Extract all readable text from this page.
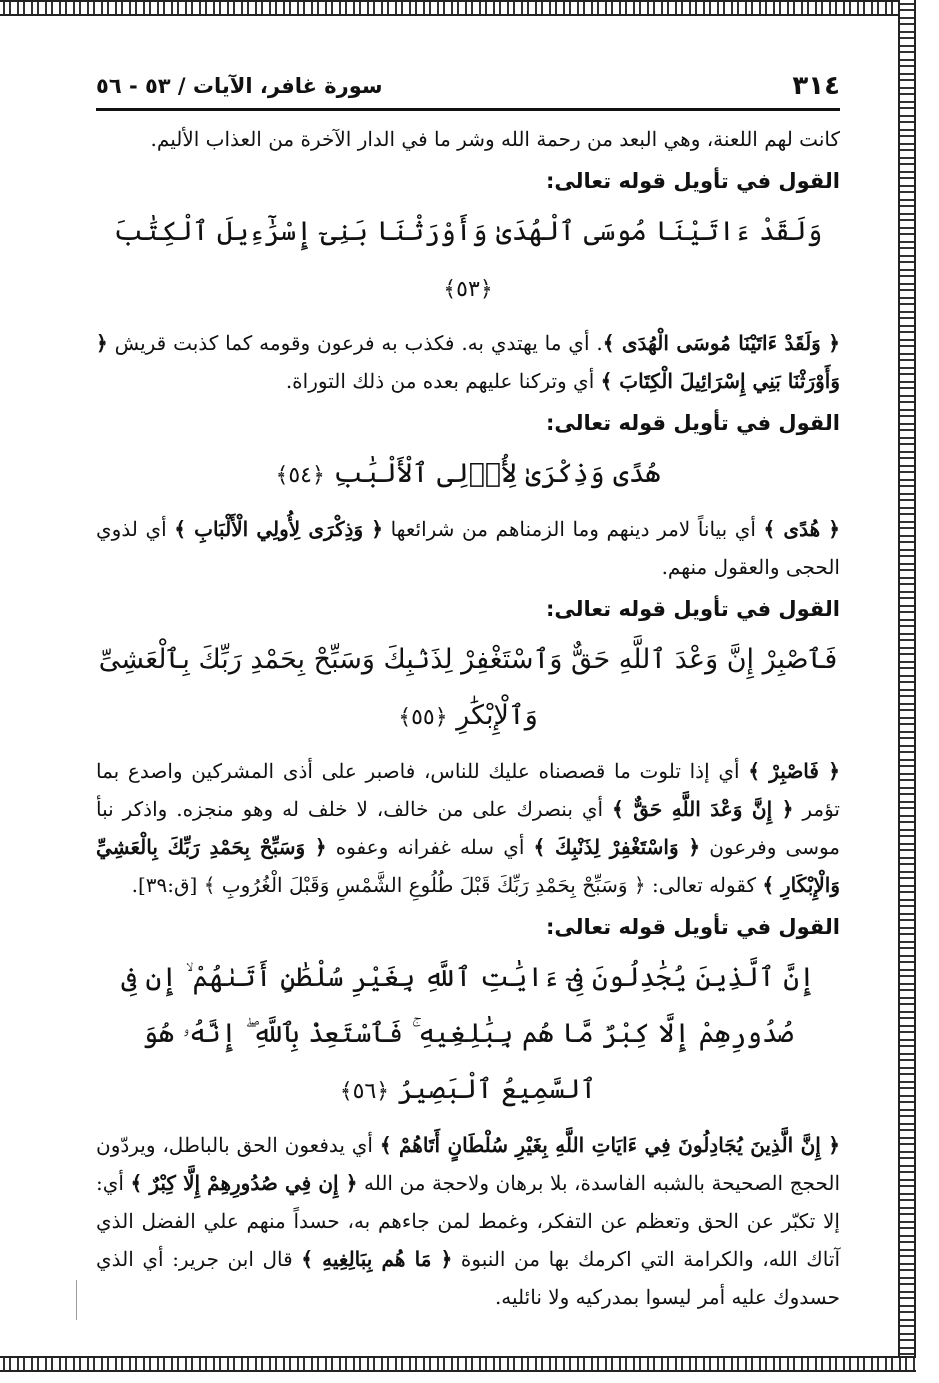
سورة غافر، الآيات / ٥٣ - ٥٦	٣١٤

كانت لهم اللعنة، وهي البعد من رحمة الله وشر ما في الدار الآخرة من العذاب الأليم.

القول في تأويل قوله تعالى:
وَلَقَدْ ءَاتَيْنَا مُوسَى ٱلْهُدَىٰ وَأَوْرَثْنَا بَنِىٓ إِسْرَٰٓءِيلَ ٱلْكِتَٰبَ ﴿٥٣﴾

﴿ وَلَقَدْ ءَاتَيْنَا مُوسَى الْهُدَى ﴾. أي ما يهتدي به. فكذب به فرعون وقومه كما كذبت قريش ﴿ وَأَوْرَثْنَا بَنِي إِسْرَائِيلَ الْكِتَابَ ﴾ أي وتركنا عليهم بعده من ذلك التوراة.

القول في تأويل قوله تعالى:
هُدًى وَذِكْرَىٰ لِأُو۟لِى ٱلْأَلْبَٰبِ ﴿٥٤﴾

﴿ هُدًى ﴾ أي بياناً لامر دينهم وما الزمناهم من شرائعها ﴿ وَذِكْرَى لِأُولِي الْأَلْبَابِ ﴾ أي لذوي الحجى والعقول منهم.

القول في تأويل قوله تعالى:
فَٱصْبِرْ إِنَّ وَعْدَ ٱللَّهِ حَقٌّ وَٱسْتَغْفِرْ لِذَنۢبِكَ وَسَبِّحْ بِحَمْدِ رَبِّكَ بِٱلْعَشِىِّ وَٱلْإِبْكَٰرِ ﴿٥٥﴾

﴿ فَاصْبِرْ ﴾ أي إذا تلوت ما قصصناه عليك للناس، فاصبر على أذى المشركين واصدع بما تؤمر ﴿ إِنَّ وَعْدَ اللَّهِ حَقٌّ ﴾ أي بنصرك على من خالف، لا خلف له وهو منجزه. واذكر نبأ موسى وفرعون ﴿ وَاسْتَغْفِرْ لِذَنْبِكَ ﴾ أي سله غفرانه وعفوه ﴿ وَسَبِّحْ بِحَمْدِ رَبِّكَ بِالْعَشِيِّ وَالْإِبْكَارِ ﴾ كقوله تعالى: ﴿ وَسَبِّحْ بِحَمْدِ رَبِّكَ قَبْلَ طُلُوعِ الشَّمْسِ وَقَبْلَ الْغُرُوبِ ﴾ [ق:٣٩].

القول في تأويل قوله تعالى:
إِنَّ ٱلَّذِينَ يُجَٰدِلُونَ فِىٓ ءَايَٰتِ ٱللَّهِ بِغَيْرِ سُلْطَٰنٍ أَتَىٰهُمْ ۙ إِن فِى صُدُورِهِمْ إِلَّا كِبْرٌ مَّا هُم بِبَٰلِغِيهِ ۚ فَٱسْتَعِذْ بِٱللَّهِ ۖ إِنَّهُۥ هُوَ ٱلسَّمِيعُ ٱلْبَصِيرُ ﴿٥٦﴾

﴿ إِنَّ الَّذِينَ يُجَادِلُونَ فِي ءَايَاتِ اللَّهِ بِغَيْرِ سُلْطَانٍ أَتَاهُمْ ﴾ أي يدفعون الحق بالباطل، ويردّون الحجج الصحيحة بالشبه الفاسدة، بلا برهان ولاحجة من الله ﴿ إِن فِي صُدُورِهِمْ إِلَّا كِبْرٌ ﴾ أي: إلا تكبّر عن الحق وتعظم عن التفكر، وغمط لمن جاءهم به، حسداً منهم علي الفضل الذي آتاك الله، والكرامة التي اكرمك بها من النبوة ﴿ مَا هُم بِبَالِغِيهِ ﴾ قال ابن جرير: أي الذي حسدوك عليه أمر ليسوا بمدركيه ولا نائليه.
